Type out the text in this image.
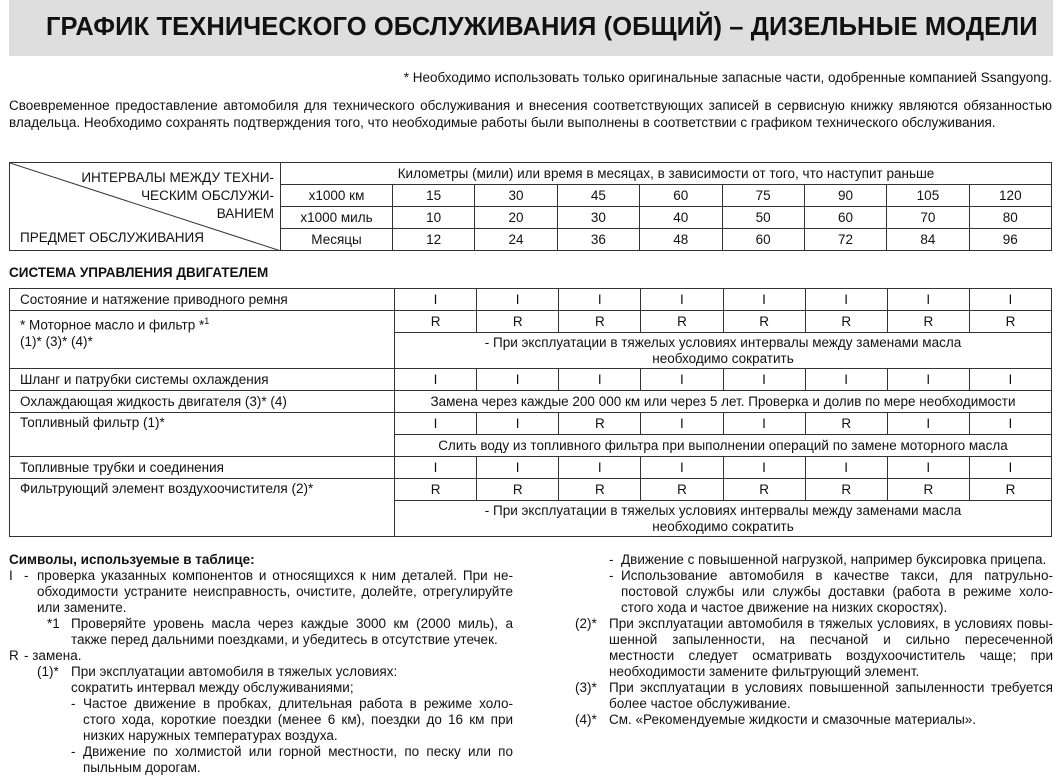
ГРАФИК ТЕХНИЧЕСКОГО ОБСЛУЖИВАНИЯ (ОБЩИЙ) – ДИЗЕЛЬНЫЕ МОДЕЛИ
* Необходимо использовать только оригинальные запасные части, одобренные компанией Ssangyong.

Своевременное предоставление автомобиля для технического обслуживания и внесения соответствующих записей в сервисную книжку являются обязанностью владельца. Необходимо сохранять подтверждения того, что необходимые работы были выполнены в соответствии с графиком технического обслуживания.

ИНТЕРВАЛЫ МЕЖДУ ТЕХНИ-
ЧЕСКИМ ОБСЛУЖИ-
ВАНИЕМ
ПРЕДМЕТ ОБСЛУЖИВАНИЯ	Километры (мили) или время в месяцах, в зависимости от того, что наступит раньше								
	x1000 км	15	30	45	60	75	90	105	120
	x1000 миль	10	20	30	40	50	60	70	80
	Месяцы	12	24	36	48	60	72	84	96
СИСТЕМА УПРАВЛЕНИЯ ДВИГАТЕЛЕМ
Состояние и натяжение приводного ремня	I	I	I	I	I	I	I	I
* Моторное масло и фильтр *$^1$
(1)* (3)* (4)*	R	R	R	R	R	R	R	R
	- При эксплуатации в тяжелых условиях интервалы между заменами масла необходимо сократить							
Шланг и патрубки системы охлаждения	I	I	I	I	I	I	I	I
Охлаждающая жидкость двигателя (3)* (4)	Замена через каждые 200 000 км или через 5 лет. Проверка и долив по мере необходимости							
Топливный фильтр (1)*	I	I	R	I	I	R	I	I
	Слить воду из топливного фильтра при выполнении операций по замене моторного масла							
Топливные трубки и соединения	I	I	I	I	I	I	I	I
Фильтрующий элемент воздухоочистителя (2)*	R	R	R	R	R	R	R	R
	- При эксплуатации в тяжелых условиях интервалы между заменами масла необходимо сократить							
Символы, используемые в таблице:
I - проверка указанных компонентов и относящихся к ним деталей. При не-обходимости устраните неисправность, очистите, долейте, отрегулируйте или замените.
*1 Проверяйте уровень масла через каждые 3000 км (2000 миль), а также перед дальними поездками, и убедитесь в отсутствие утечек.
R - замена.
(1)* При эксплуатации автомобиля в тяжелых условиях:
сократить интервал между обслуживаниями;
- Частое движение в пробках, длительная работа в режиме холо-стого хода, короткие поездки (менее 6 км), поездки до 16 км при низких наружных температурах воздуха.
- Движение по холмистой или горной местности, по песку или по пыльным дорогам.
- Движение с повышенной нагрузкой, например буксировка прицепа.
- Использование автомобиля в качестве такси, для патрульно-постовой службы или службы доставки (работа в режиме холо-стого хода и частое движение на низких скоростях).
(2)* При эксплуатации автомобиля в тяжелых условиях, в условиях повы-шенной запыленности, на песчаной и сильно пересеченной местности следует осматривать воздухоочиститель чаще; при необходимости замените фильтрующий элемент.
(3)* При эксплуатации в условиях повышенной запыленности требуется более частое обслуживание.
(4)* См. «Рекомендуемые жидкости и смазочные материалы».
